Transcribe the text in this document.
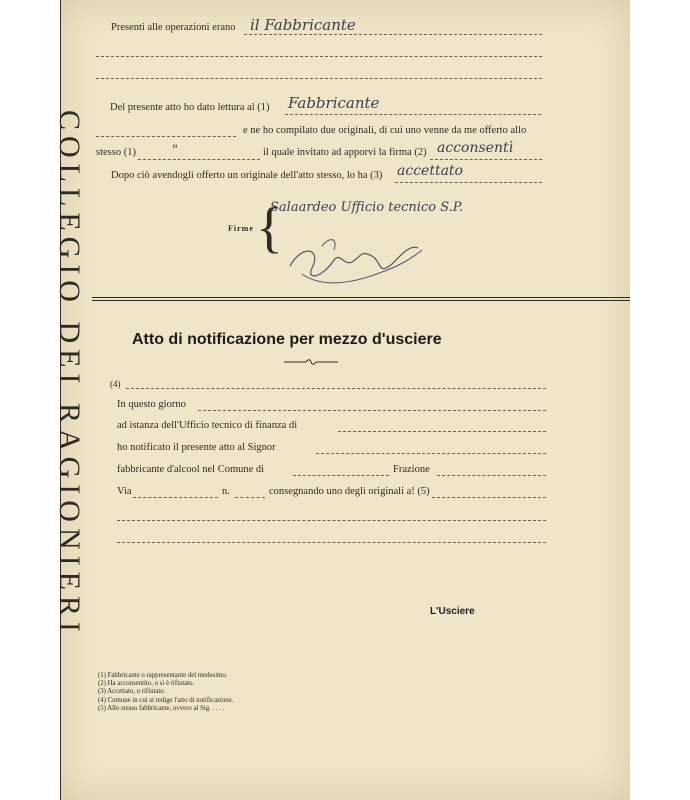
COLLEGIO DEI RAGIONIERI
Presenti alle operazioni erano il Fabbricante
Del presente atto ho dato lettura al (1) Fabbricante
e ne ho compilato due originali, di cui uno venne da me offerto allo
stesso (1)	"	il quale invitato ad apporvi la firma (2) acconsentì
Dopo ciò avendogli offerto un originale dell'atto stesso, lo ha (3) accettato
Firme {
Salaardeo Ufficio tecnico S.P.
Atto di notificazione per mezzo d'usciere
(4)
In questo giorno
ad istanza dell'Ufficio tecnico di finanza di
ho notificato il presente atto al Signor
fabbricante d'alcool nel Comune di	Frazione
Via	n.	consegnando uno degli originali a! (5)
L'Usciere
(1) Fabbricante o rappresentante del medesimo.
(2) Ha acconsentito, o si è rifiutato.
(3) Accettato, o rifiutato.
(4) Comune in cui si redige l'atto di notificazione.
(5) Allo stesso fabbricante, ovvero al Sig. . . . .
